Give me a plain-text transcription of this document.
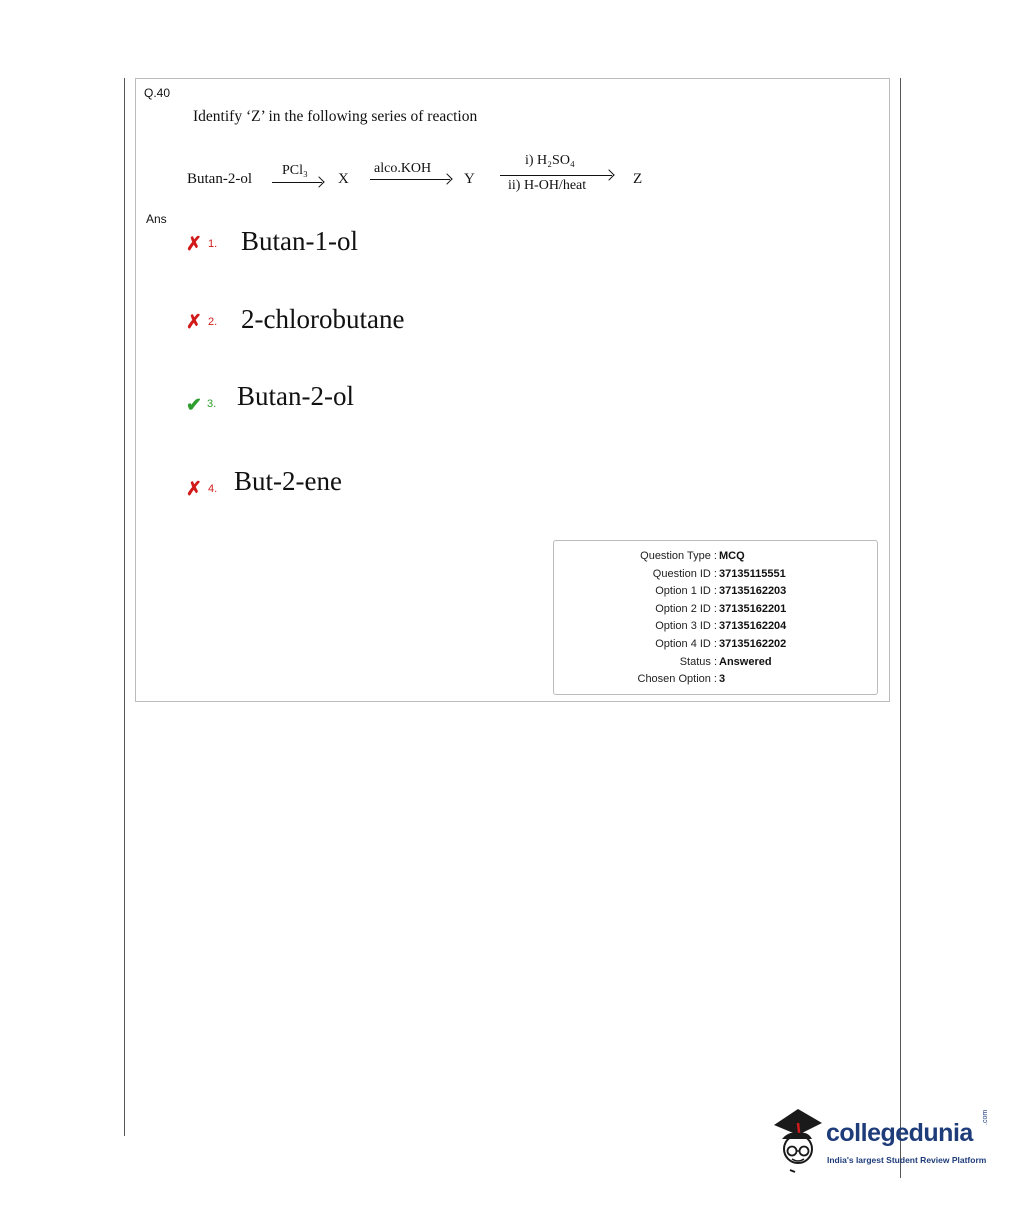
Q.40
Identify ‘Z’ in the following series of reaction
Butan-2-ol
PCl₃
X
alco.KOH
Y
i) H₂SO₄
ii) H-OH/heat	Z
Ans
✗ 1. Butan-1-ol
✗ 2. 2-chlorobutane
✔ 3. Butan-2-ol
✗ 4. But-2-ene
Question Type : MCQ
Question ID : 37135115551
Option 1 ID : 37135162203
Option 2 ID : 37135162201
Option 3 ID : 37135162204
Option 4 ID : 37135162202
Status : Answered
Chosen Option : 3
collegedunia
.com
India's largest Student Review Platform
